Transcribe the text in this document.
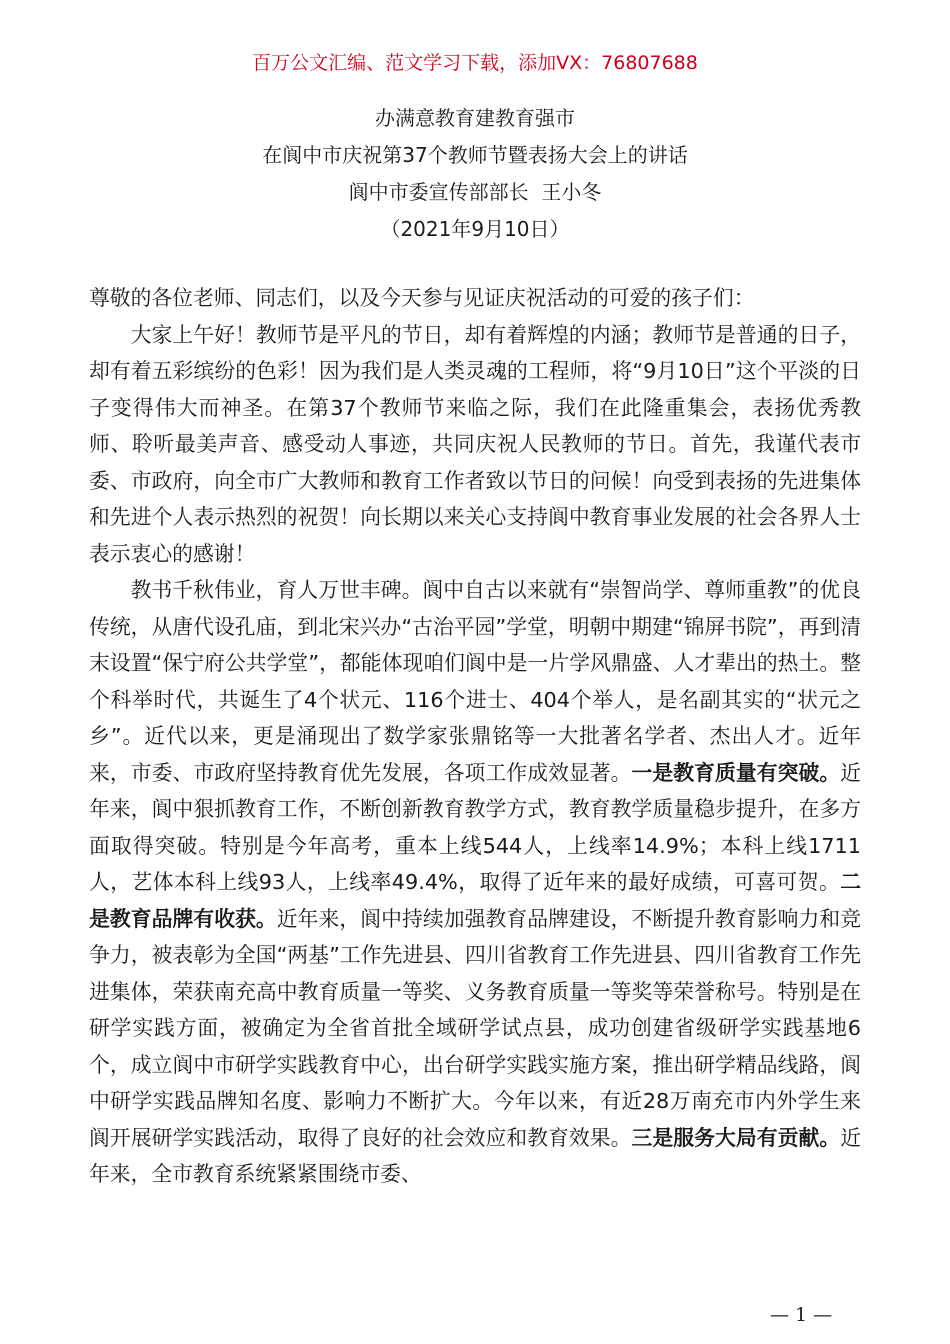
百万公文汇编、范文学习下载，添加VX：76807688
办满意教育建教育强市
在阆中市庆祝第37个教师节暨表扬大会上的讲话
阆中市委宣传部部长  王小冬
（2021年9月10日）

尊敬的各位老师、同志们，以及今天参与见证庆祝活动的可爱的孩子们：

大家上午好！教师节是平凡的节日，却有着辉煌的内涵；教师节是普通的日子，却有着五彩缤纷的色彩！因为我们是人类灵魂的工程师，将“9月10日”这个平淡的日子变得伟大而神圣。在第37个教师节来临之际，我们在此隆重集会，表扬优秀教师、聆听最美声音、感受动人事迹，共同庆祝人民教师的节日。首先，我谨代表市委、市政府，向全市广大教师和教育工作者致以节日的问候！向受到表扬的先进集体和先进个人表示热烈的祝贺！向长期以来关心支持阆中教育事业发展的社会各界人士表示衷心的感谢！

教书千秋伟业，育人万世丰碑。阆中自古以来就有“崇智尚学、尊师重教”的优良传统，从唐代设孔庙，到北宋兴办“古治平园”学堂，明朝中期建“锦屏书院”，再到清末设置“保宁府公共学堂”，都能体现咱们阆中是一片学风鼎盛、人才辈出的热土。整个科举时代，共诞生了4个状元、116个进士、404个举人，是名副其实的“状元之乡”。近代以来，更是涌现出了数学家张鼎铭等一大批著名学者、杰出人才。近年来，市委、市政府坚持教育优先发展，各项工作成效显著。一是教育质量有突破。近年来，阆中狠抓教育工作，不断创新教育教学方式，教育教学质量稳步提升，在多方面取得突破。特别是今年高考，重本上线544人，上线率14.9%；本科上线1711人，艺体本科上线93人，上线率49.4%，取得了近年来的最好成绩，可喜可贺。二是教育品牌有收获。近年来，阆中持续加强教育品牌建设，不断提升教育影响力和竞争力，被表彰为全国“两基”工作先进县、四川省教育工作先进县、四川省教育工作先进集体，荣获南充高中教育质量一等奖、义务教育质量一等奖等荣誉称号。特别是在研学实践方面，被确定为全省首批全域研学试点县，成功创建省级研学实践基地6个，成立阆中市研学实践教育中心，出台研学实践实施方案，推出研学精品线路，阆中研学实践品牌知名度、影响力不断扩大。今年以来，有近28万南充市内外学生来阆开展研学实践活动，取得了良好的社会效应和教育效果。三是服务大局有贡献。近年来，全市教育系统紧紧围绕市委、

— 1 —
